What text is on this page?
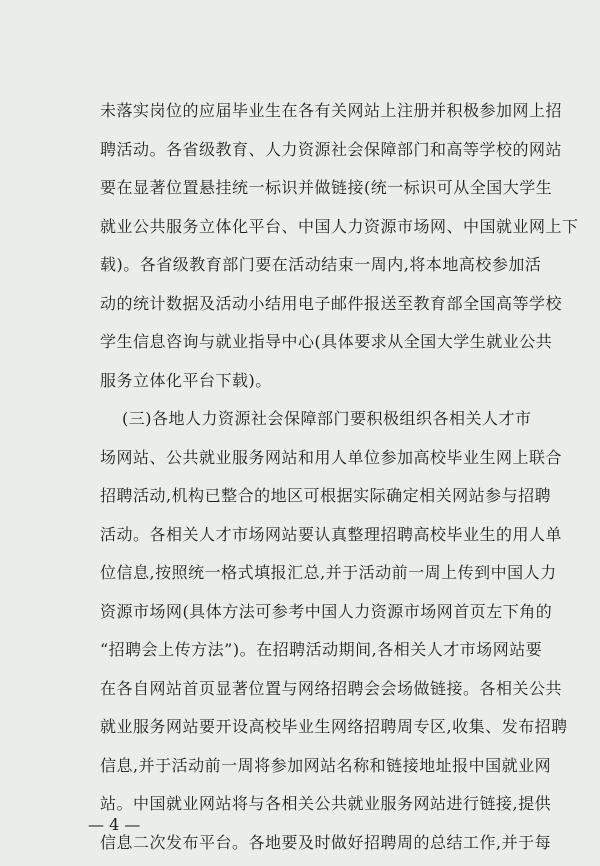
未落实岗位的应届毕业生在各有关网站上注册并积极参加网上招
聘活动。各省级教育、人力资源社会保障部门和高等学校的网站
要在显著位置悬挂统一标识并做链接(统一标识可从全国大学生
就业公共服务立体化平台、中国人力资源市场网、中国就业网上下
载)。各省级教育部门要在活动结束一周内,将本地高校参加活
动的统计数据及活动小结用电子邮件报送至教育部全国高等学校
学生信息咨询与就业指导中心(具体要求从全国大学生就业公共
服务立体化平台下载)。
(三)各地人力资源社会保障部门要积极组织各相关人才市
场网站、公共就业服务网站和用人单位参加高校毕业生网上联合
招聘活动,机构已整合的地区可根据实际确定相关网站参与招聘
活动。各相关人才市场网站要认真整理招聘高校毕业生的用人单
位信息,按照统一格式填报汇总,并于活动前一周上传到中国人力
资源市场网(具体方法可参考中国人力资源市场网首页左下角的
“招聘会上传方法”)。在招聘活动期间,各相关人才市场网站要
在各自网站首页显著位置与网络招聘会会场做链接。各相关公共
就业服务网站要开设高校毕业生网络招聘周专区,收集、发布招聘
信息,并于活动前一周将参加网站名称和链接地址报中国就业网
站。中国就业网站将与各相关公共就业服务网站进行链接,提供
信息二次发布平台。各地要及时做好招聘周的总结工作,并于每
— 4 —
